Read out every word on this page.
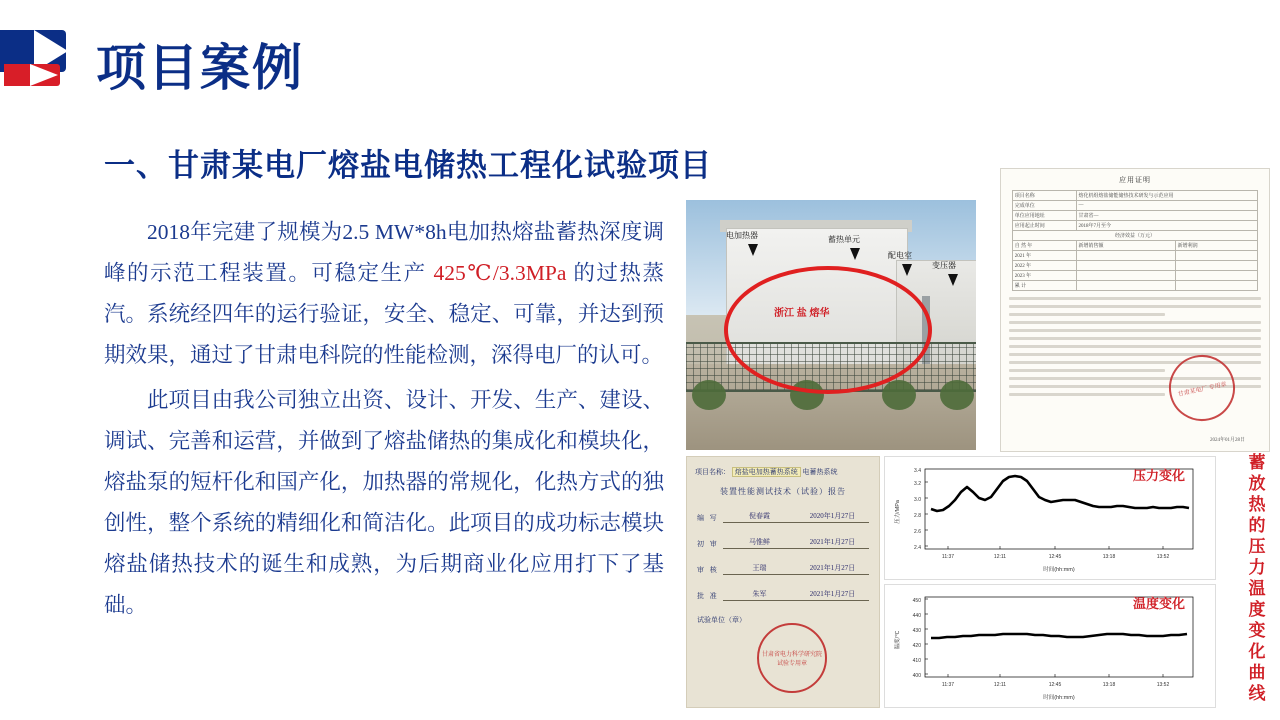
项目案例
一、甘肃某电厂熔盐电储热工程化试验项目

2018年完建了规模为2.5 MW*8h电加热熔盐蓄热深度调峰的示范工程装置。可稳定生产 425℃/3.3MPa 的过热蒸汽。系统经四年的运行验证，安全、稳定、可靠，并达到预期效果，通过了甘肃电科院的性能检测，深得电厂的认可。

此项目由我公司独立出资、设计、开发、生产、建设、调试、完善和运营，并做到了熔盐储热的集成化和模块化，熔盐泵的短杆化和国产化，加热器的常规化，化热方式的独创性，整个系统的精细化和简洁化。此项目的成功标志模块熔盐储热技术的诞生和成熟，为后期商业化应用打下了基础。

电加热器	蓄热单元
配电室
变压器
浙江 盐 熔华
应用证明
项目名称	熔化机组熔盐储能储热技术研发与示范应用	
完成单位	—	
单位应用地址	甘肃省—	
应用起止时间	2018年7月至今	
经济效益（万元）		
自 然 年	新增销售额	新增利润
2021 年		
2022 年		
2023 年		
累 计		
甘肃某电厂 专用章
2024年01月28日
项目名称： 熔盐电加热蓄热系统 电蓄热系统
装置性能测试技术（试验）报告
编 写	倪春霞	2020年1月27日
初 审	马惟鲜	2021年1月27日
审 核	王瑞	2021年1月27日
批 准	朱军	2021年1月27日
试验单位（章）
甘肃省电力科学研究院 试验专用章
压力变化
2.4
2.6
2.8
3.0
3.2
3.4
11:37	12:11	12:45	13:18	13:52
时间(hh:mm)
压力/MPa
温度变化
400
410
420
430
440
450
11:37	12:11	12:45	13:18	13:52
时间(hh:mm)
温度/℃
蓄放热的压力温度变化曲线
